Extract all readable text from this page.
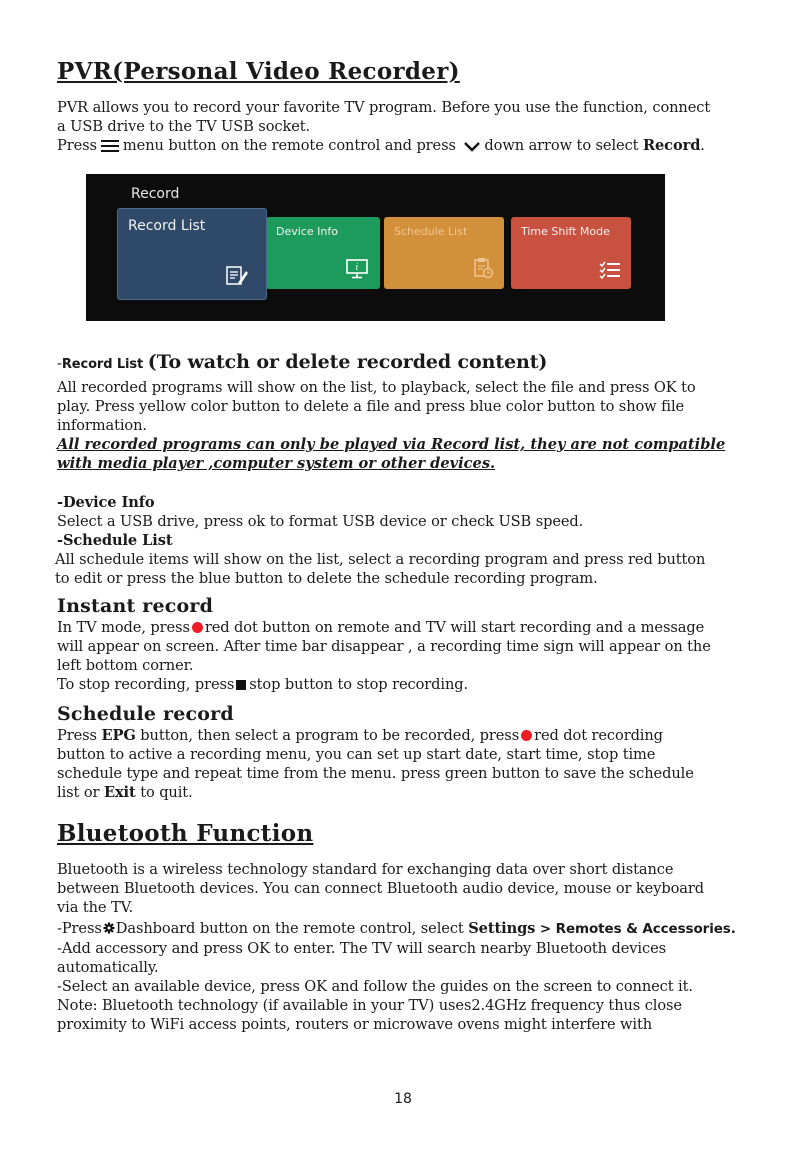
PVR(Personal Video Recorder)

PVR allows you to record your favorite TV program. Before you use the function, connect

a USB drive to the TV USB socket.

Press menu button on the remote control and press down arrow to select Record.

-Record List (To watch or delete recorded content)

All recorded programs will show on the list, to playback, select the file and press OK to

play. Press yellow color button to delete a file and press blue color button to show file

information.

All recorded programs can only be played via Record list, they are not compatible

with media player ,computer system or other devices.

-Device Info

Select a USB drive, press ok to format USB device or check USB speed.

-Schedule List

All schedule items will show on the list, select a recording program and press red button

to edit or press the blue button to delete the schedule recording program.

Instant record

In TV mode, press red dot button on remote and TV will start recording and a message

will appear on screen. After time bar disappear , a recording time sign will appear on the

left bottom corner.

To stop recording, press stop button to stop recording.

Schedule record

Press EPG button, then select a program to be recorded, press red dot recording

button to active a recording menu, you can set up start date, start time, stop time

schedule type and repeat time from the menu. press green button to save the schedule

list or Exit to quit.

Bluetooth Function

Bluetooth is a wireless technology standard for exchanging data over short distance

between Bluetooth devices. You can connect Bluetooth audio device, mouse or keyboard

via the TV.

-Press Dashboard button on the remote control, select Settings > Remotes & Accessories.

-Add accessory and press OK to enter. The TV will search nearby Bluetooth devices

automatically.

-Select an available device, press OK and follow the guides on the screen to connect it.

Note: Bluetooth technology (if available in your TV) uses2.4GHz frequency thus close

proximity to WiFi access points, routers or microwave ovens might interfere with

Record
Device Info
i
Schedule List	Time Shift Mode
Record List
18
